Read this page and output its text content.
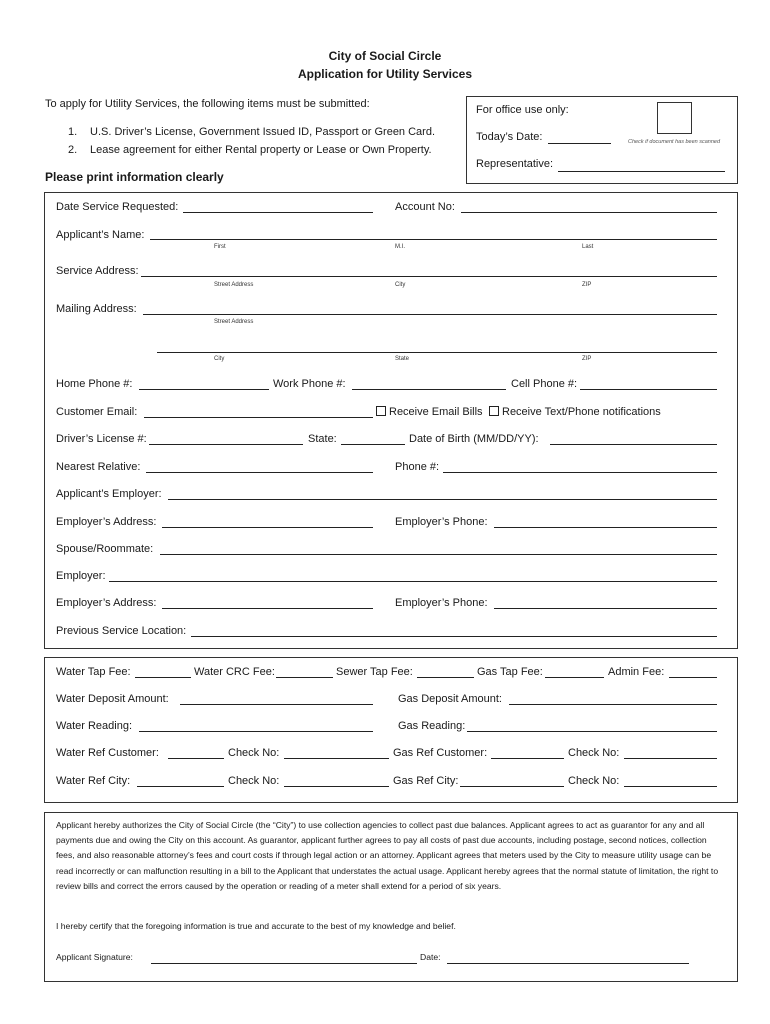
City of Social Circle
Application for Utility Services
To apply for Utility Services, the following items must be submitted:
1. U.S. Driver’s License, Government Issued ID, Passport or Green Card.
2. Lease agreement for either Rental property or Lease or Own Property.
For office use only:
Today’s Date:	Check if document has been scanned
Representative:
Please print information clearly
Date Service Requested:	Account No:
Applicant’s Name:
First	M.I.	Last
Service Address:
Street Address	City	ZIP
Mailing Address:
Street Address
City	State	ZIP
Home Phone #:	Work Phone #:	Cell Phone #:
Customer Email:	Receive Email Bills	Receive Text/Phone notifications
Driver’s License #:	State:	Date of Birth (MM/DD/YY):
Nearest Relative:	Phone #:
Applicant’s Employer:
Employer’s Address:	Employer’s Phone:
Spouse/Roommate:
Employer:
Employer’s Address:	Employer’s Phone:
Previous Service Location:
Water Tap Fee:	Water CRC Fee:	Sewer Tap Fee:	Gas Tap Fee:	Admin Fee:
Water Deposit Amount:	Gas Deposit Amount:
Water Reading:	Gas Reading:
Water Ref Customer:	Check No:	Gas Ref Customer:	Check No:
Water Ref City:	Check No:	Gas Ref City:	Check No:
Applicant hereby authorizes the City of Social Circle (the “City”) to use collection agencies to collect past due balances. Applicant agrees to act as guarantor for any and all payments due and owing the City on this account. As guarantor, applicant further agrees to pay all costs of past due accounts, including postage, second notices, collection fees, and also reasonable attorney’s fees and court costs if through legal action or an attorney. Applicant agrees that meters used by the City to measure utility usage can be read incorrectly or can malfunction resulting in a bill to the Applicant that understates the actual usage. Applicant hereby agrees that the normal statute of limitation, the right to review bills and correct the errors caused by the operation or reading of a meter shall extend for a period of six years.
I hereby certify that the foregoing information is true and accurate to the best of my knowledge and belief.
Applicant Signature:	Date:
